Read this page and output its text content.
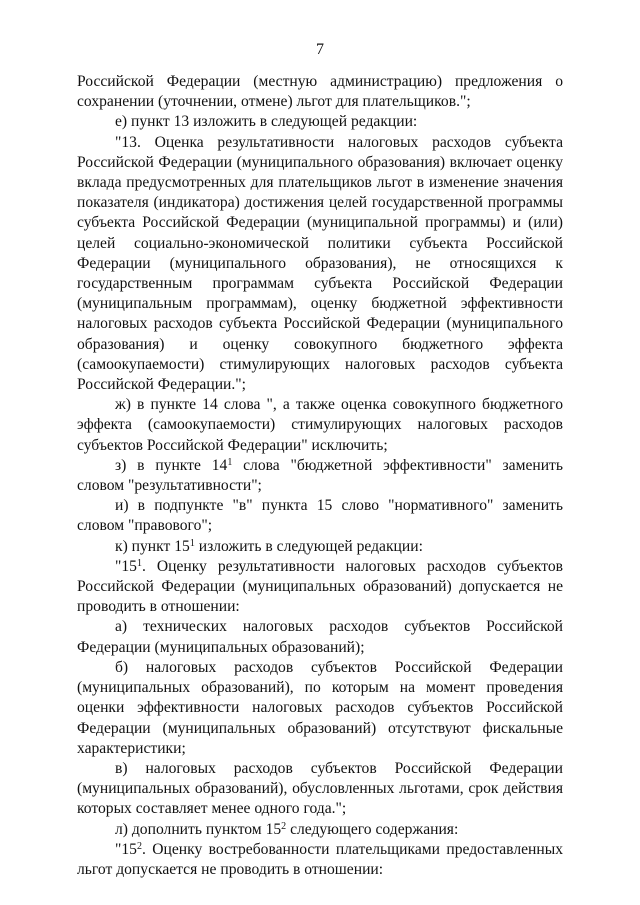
7

Российской Федерации (местную администрацию) предложения о сохранении (уточнении, отмене) льгот для плательщиков.";

е) пункт 13 изложить в следующей редакции:

"13. Оценка результативности налоговых расходов субъекта Российской Федерации (муниципального образования) включает оценку вклада предусмотренных для плательщиков льгот в изменение значения показателя (индикатора) достижения целей государственной программы субъекта Российской Федерации (муниципальной программы) и (или) целей социально-экономической политики субъекта Российской Федерации (муниципального образования), не относящихся к государственным программам субъекта Российской Федерации (муниципальным программам), оценку бюджетной эффективности налоговых расходов субъекта Российской Федерации (муниципального образования) и оценку совокупного бюджетного эффекта (самоокупаемости) стимулирующих налоговых расходов субъекта Российской Федерации.";

ж) в пункте 14 слова ", а также оценка совокупного бюджетного эффекта (самоокупаемости) стимулирующих налоговых расходов субъектов Российской Федерации" исключить;

з) в пункте $14^1$ слова "бюджетной эффективности" заменить словом "результативности";

и) в подпункте "в" пункта 15 слово "нормативного" заменить словом "правового";

к) пункт $15^1$ изложить в следующей редакции:

"$15^1$. Оценку результативности налоговых расходов субъектов Российской Федерации (муниципальных образований) допускается не проводить в отношении:

а) технических налоговых расходов субъектов Российской Федерации (муниципальных образований);

б) налоговых расходов субъектов Российской Федерации (муниципальных образований), по которым на момент проведения оценки эффективности налоговых расходов субъектов Российской Федерации (муниципальных образований) отсутствуют фискальные характеристики;

в) налоговых расходов субъектов Российской Федерации (муниципальных образований), обусловленных льготами, срок действия которых составляет менее одного года.";

л) дополнить пунктом $15^2$ следующего содержания:

"$15^2$. Оценку востребованности плательщиками предоставленных льгот допускается не проводить в отношении:
